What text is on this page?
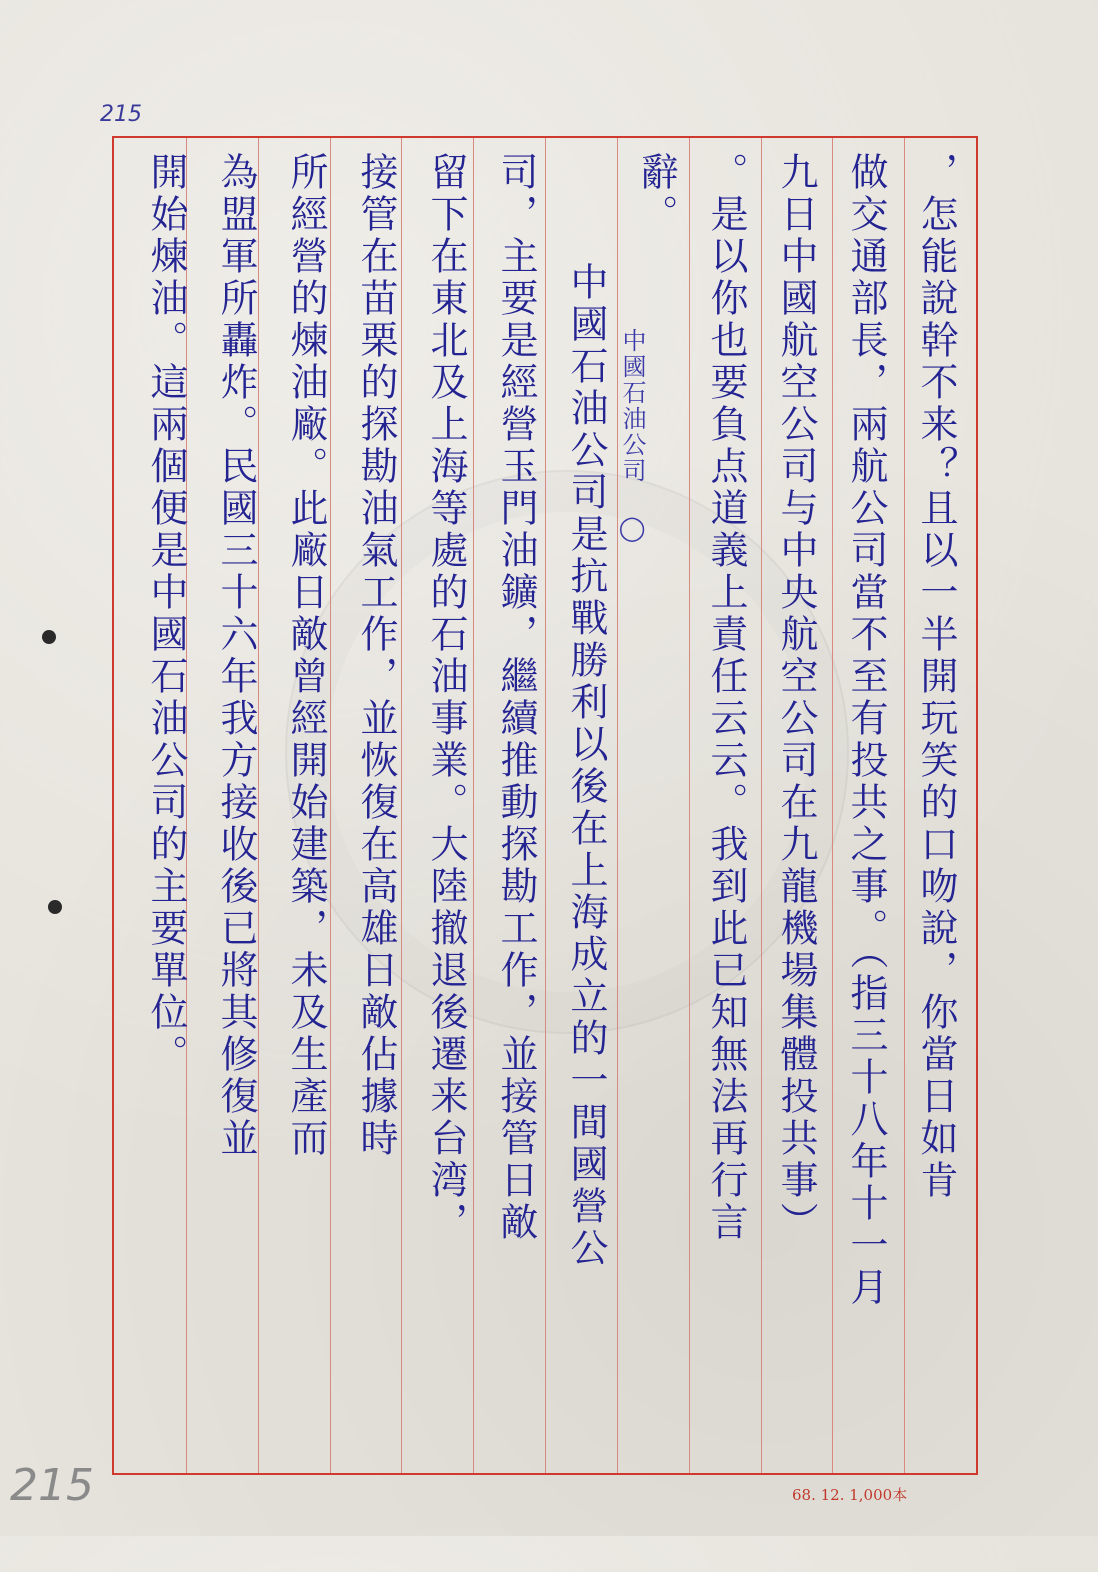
215
215	68. 12. 1,000本
，怎能說幹不来？且以一半開玩笑的口吻說，你當日如肯
做交通部長，兩航公司當不至有投共之事。（指三十八年十一月
九日中國航空公司与中央航空公司在九龍機場集體投共事）
。是以你也要負点道義上責任云云。我到此已知無法再行言
辭。
中國石油公司是抗戰勝利以後在上海成立的一間國營公
司，主要是經營玉門油鑛，繼續推動探勘工作，並接管日敵
留下在東北及上海等處的石油事業。大陸撤退後遷来台湾，
接管在苗栗的探勘油氣工作，並恢復在高雄日敵佔據時
所經營的煉油廠。此廠日敵曾經開始建築，未及生產而
為盟軍所轟炸。民國三十六年我方接收後已將其修復並
開始煉油。這兩個便是中國石油公司的主要單位。	中國石油公司 ◯
